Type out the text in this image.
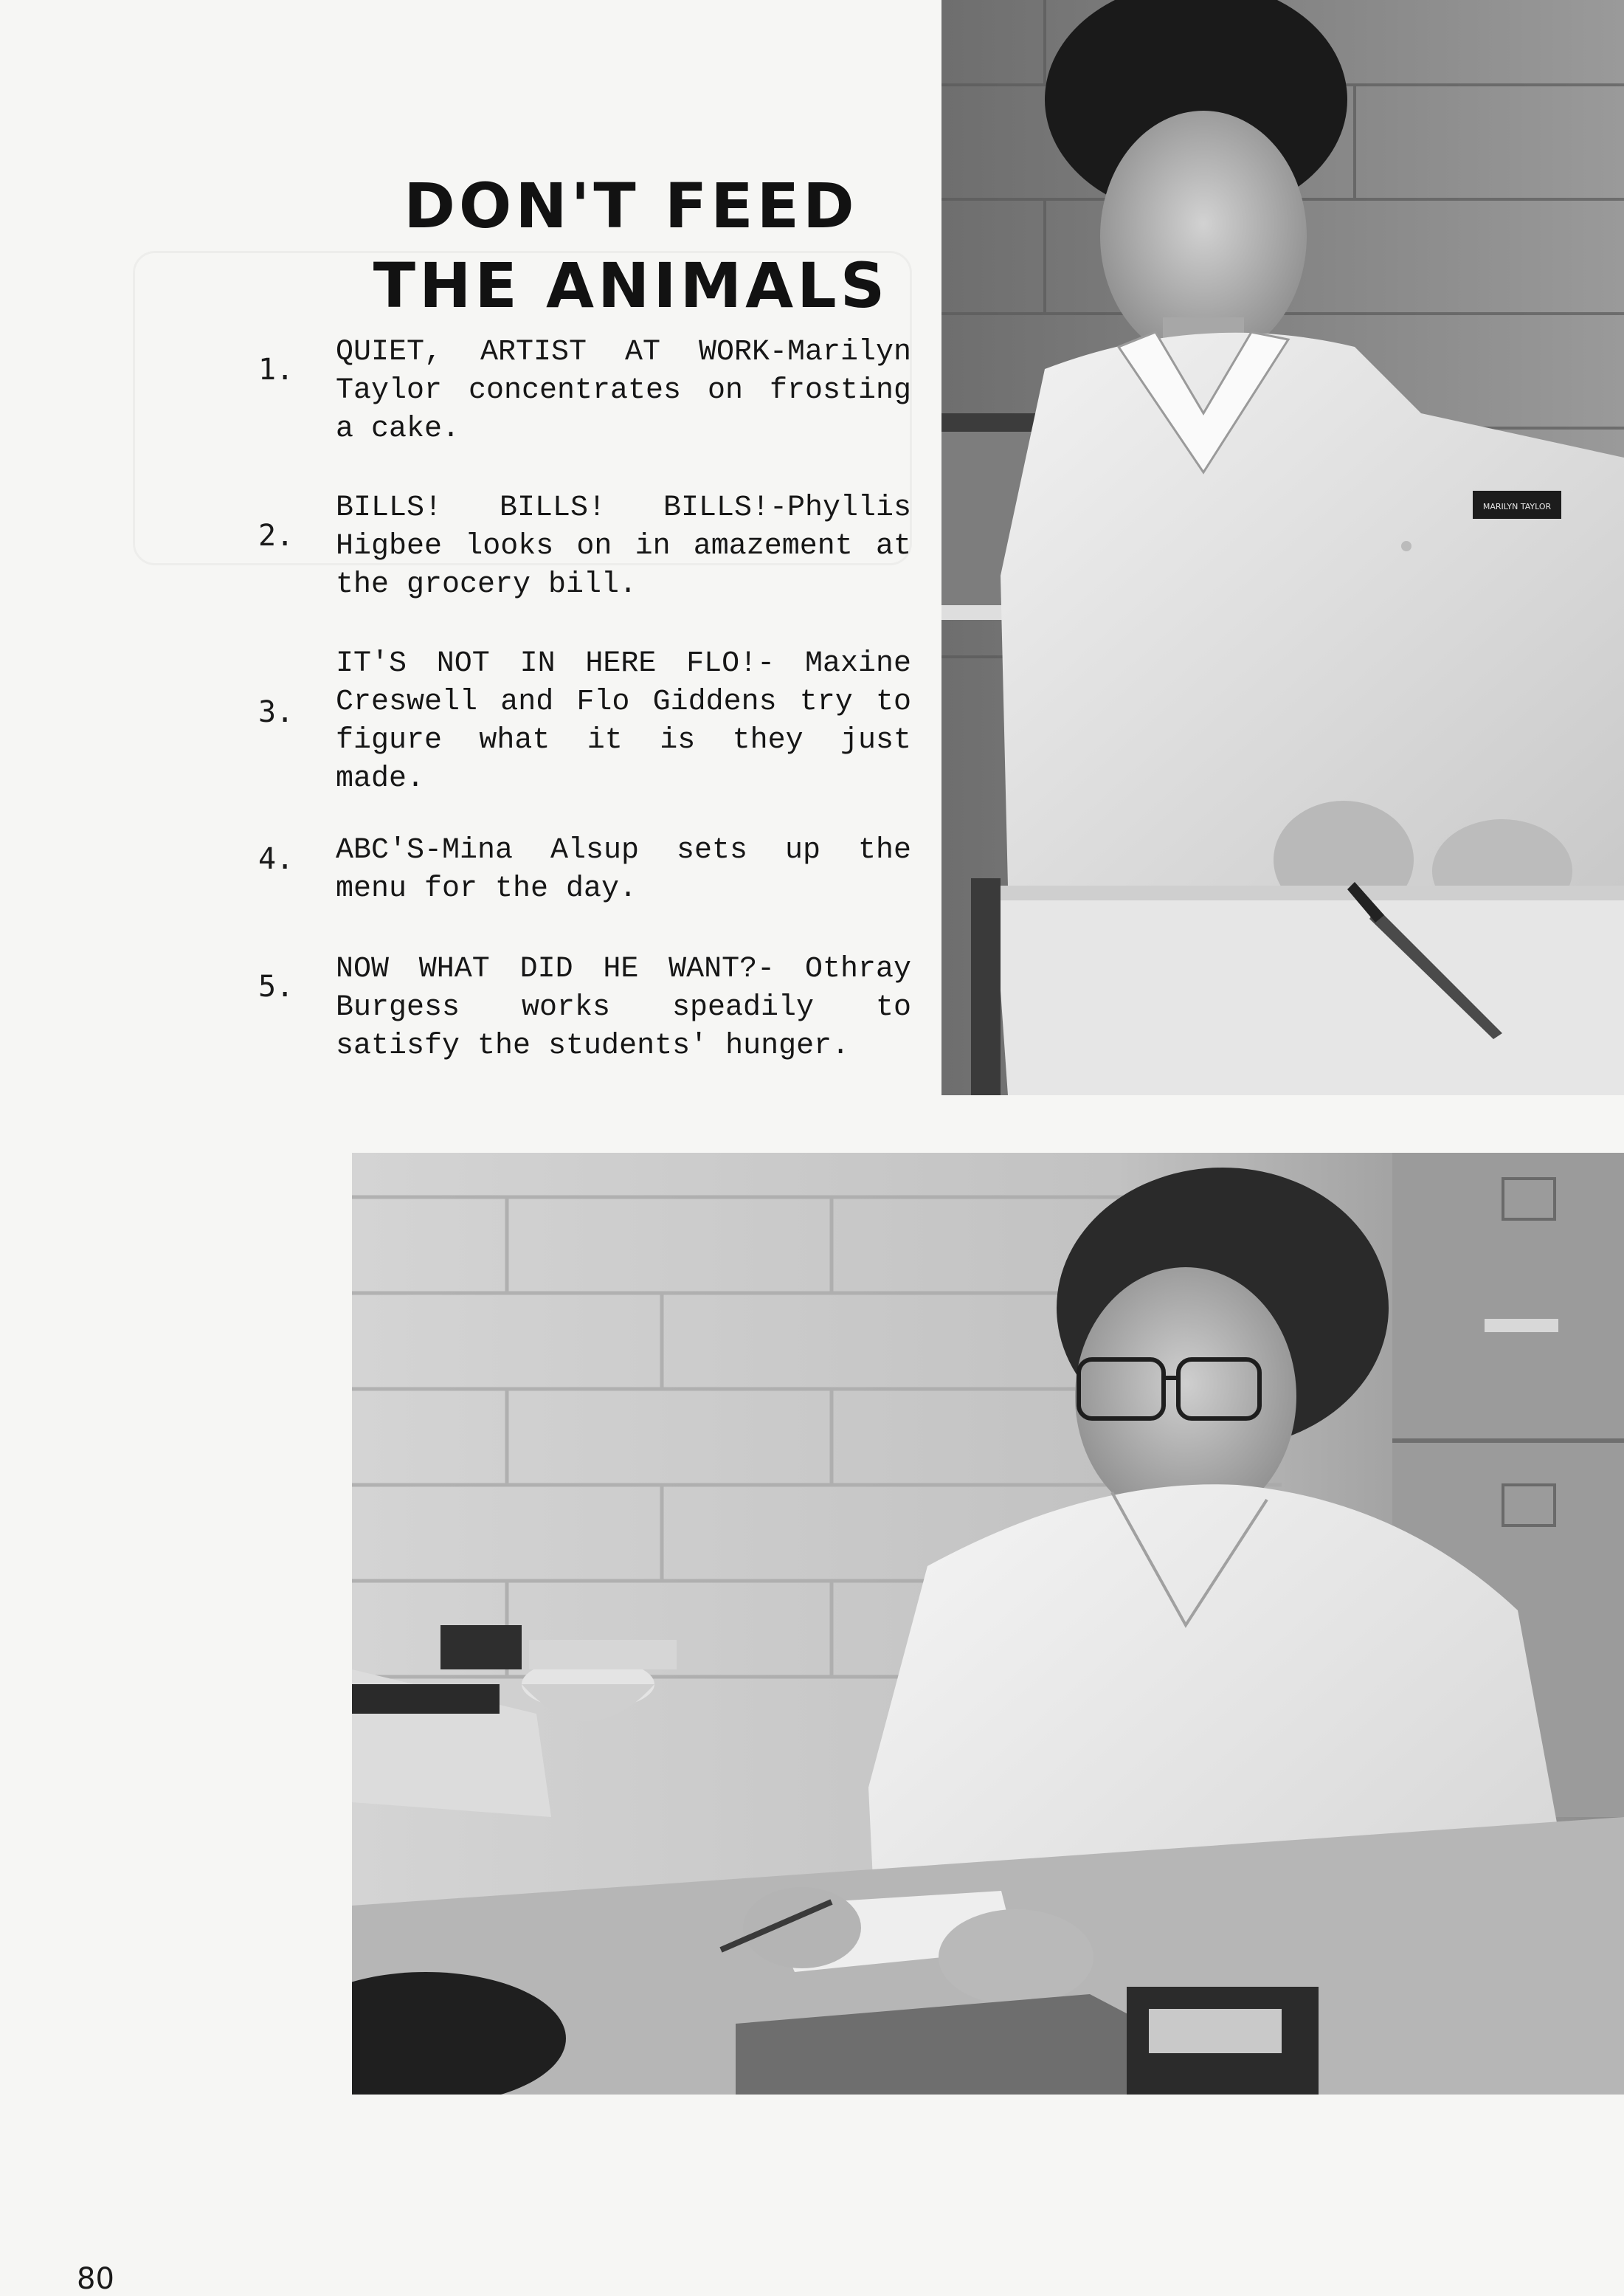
DON'T FEED
THE ANIMALS
1.
QUIET, ARTIST AT WORK-Marilyn Taylor concentrates on frosting a cake.
2.
BILLS! BILLS! BILLS!-Phyllis Higbee looks on in amazement at the grocery bill.
3.
IT'S NOT IN HERE FLO!- Maxine Creswell and Flo Giddens try to figure what it is they just made.
4. ABC'S-Mina Alsup sets up the menu for the day.
5.
NOW WHAT DID HE WANT?- Othray Burgess works speadily to satisfy the students' hunger.
MARILYN TAYLOR
80
